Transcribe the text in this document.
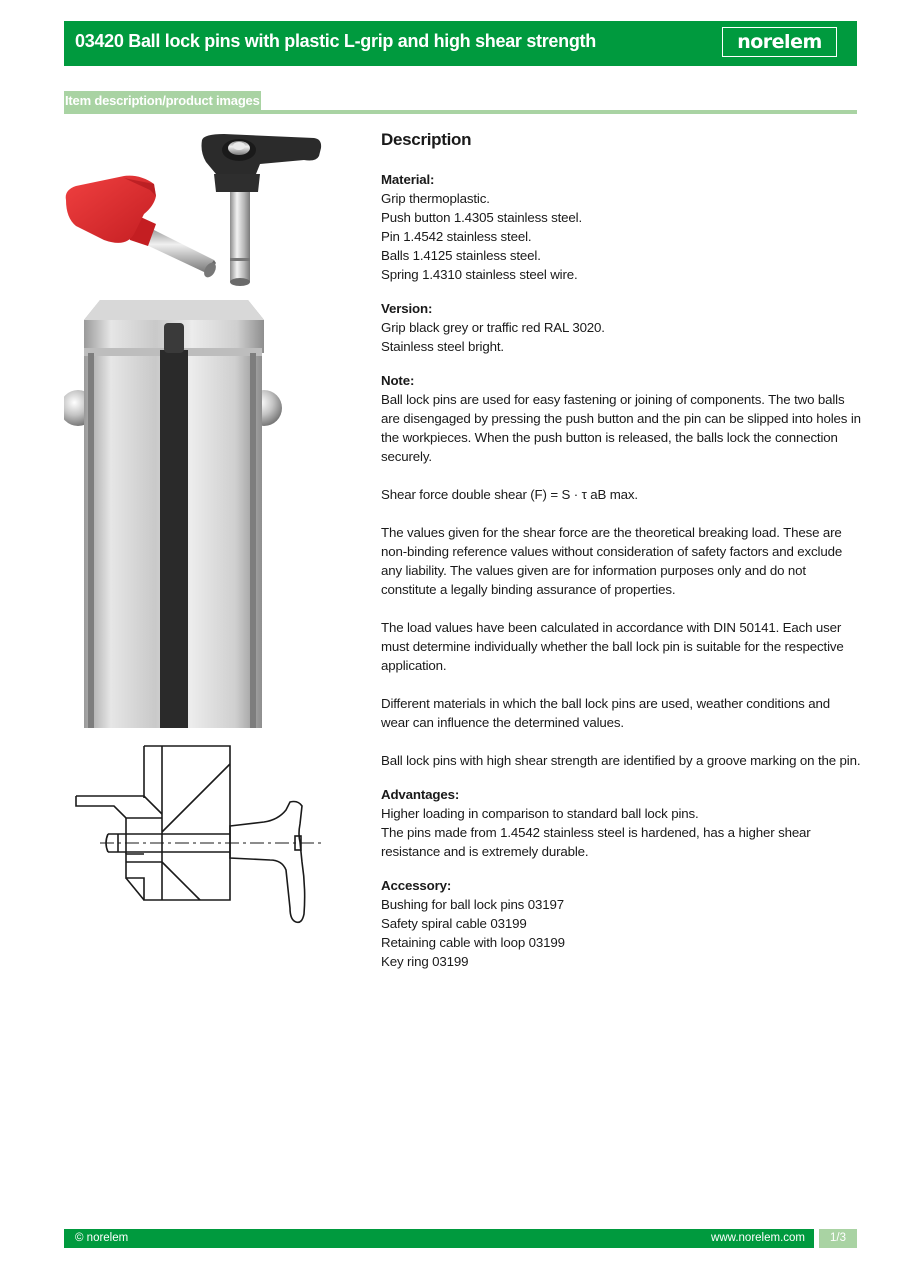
03420 Ball lock pins with plastic L-grip and high shear strength	norelem
Item description/product images
Description
Material:
Grip thermoplastic.
Push button 1.4305 stainless steel.
Pin 1.4542 stainless steel.
Balls 1.4125 stainless steel.
Spring 1.4310 stainless steel wire.
Version:
Grip black grey or traffic red RAL 3020.
Stainless steel bright.
Note:

Ball lock pins are used for easy fastening or joining of components. The two balls are disengaged by pressing the push button and the pin can be slipped into holes in the workpieces. When the push button is released, the balls lock the connection securely.

Shear force double shear (F) = S · τ aB max.

The values given for the shear force are the theoretical breaking load. These are non-binding reference values without consideration of safety factors and exclude any liability. The values given are for information purposes only and do not constitute a legally binding assurance of properties.

The load values have been calculated in accordance with DIN 50141. Each user must determine individually whether the ball lock pin is suitable for the respective application.

Different materials in which the ball lock pins are used, weather conditions and wear can influence the determined values.

Ball lock pins with high shear strength are identified by a groove marking on the pin.

Advantages:
Higher loading in comparison to standard ball lock pins.
The pins made from 1.4542 stainless steel is hardened, has a higher shear resistance and is extremely durable.
Accessory:
Bushing for ball lock pins 03197
Safety spiral cable 03199
Retaining cable with loop 03199
Key ring 03199
© norelem	www.norelem.com	1/3
